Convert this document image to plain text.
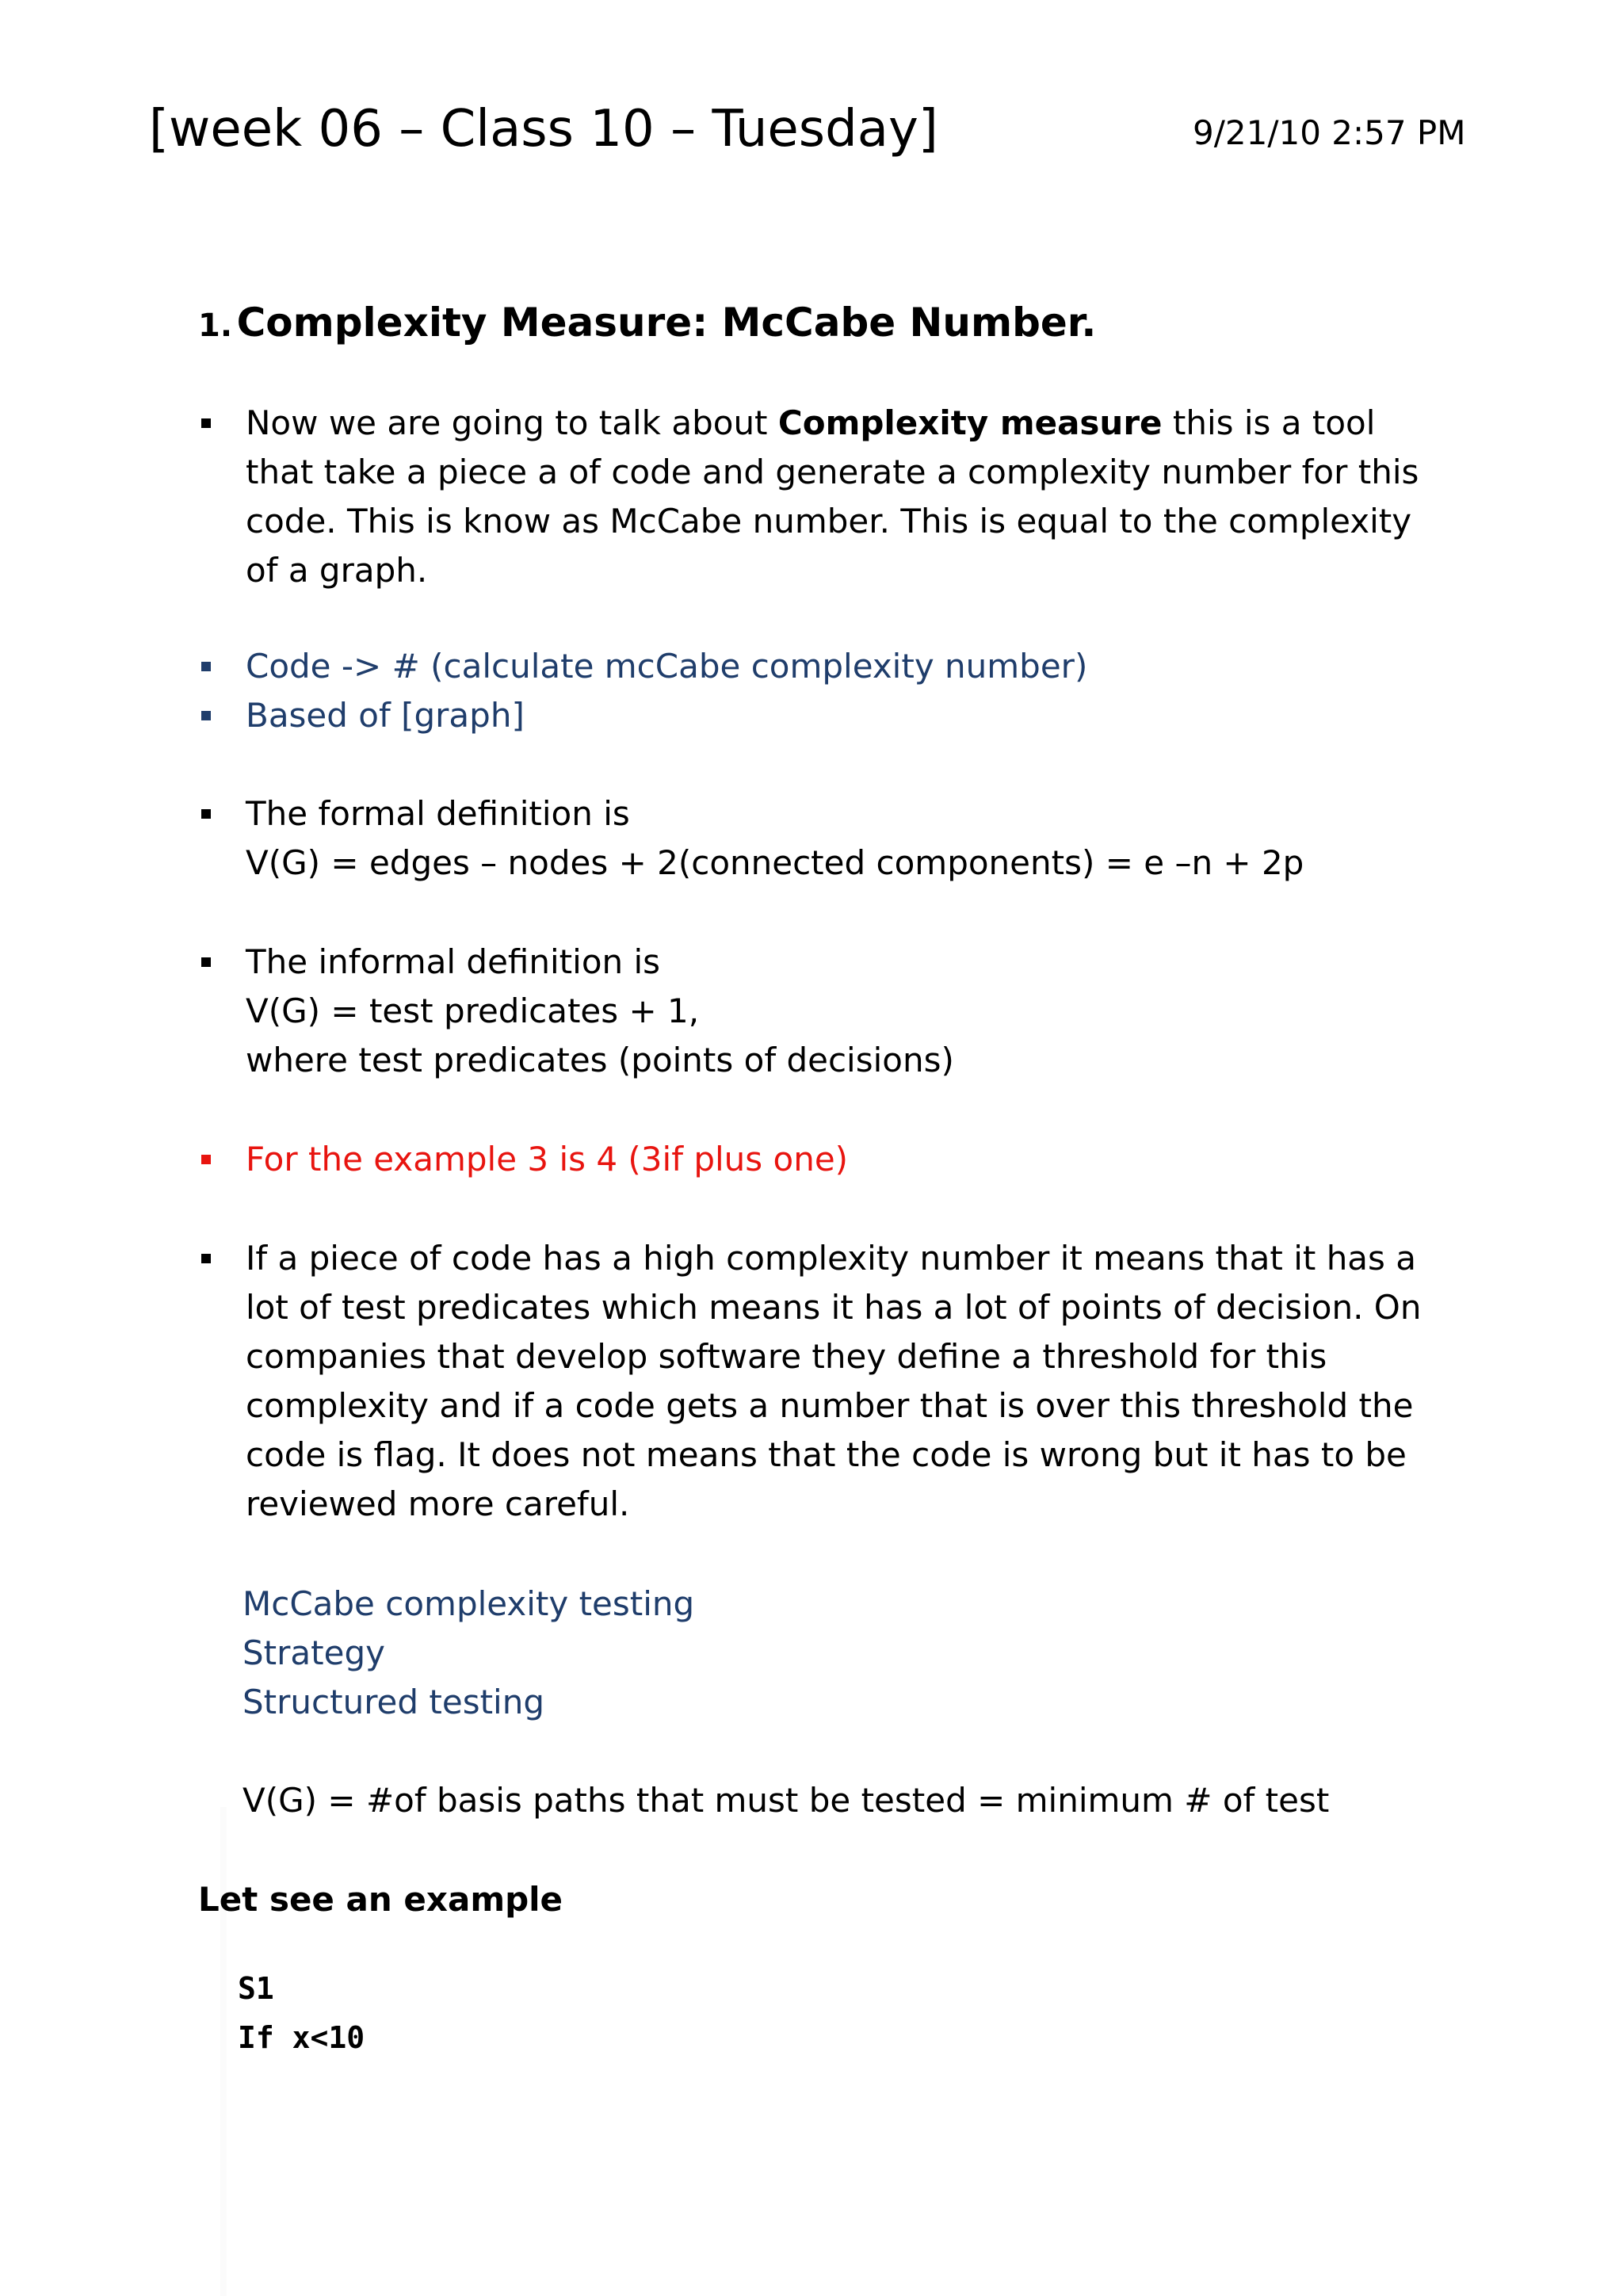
[week 06 – Class 10 – Tuesday]	9/21/10 2:57 PM
1. Complexity Measure: McCabe Number.
Now we are going to talk about Complexity measure this is a tool that take a piece a of code and generate a complexity number for this code. This is know as McCabe number. This is equal to the complexity of a graph.
Code -> # (calculate mcCabe complexity number)
Based of [graph]
The formal definition is
V(G) = edges – nodes + 2(connected components) = e –n + 2p
The informal definition is
V(G) = test predicates + 1,
where test predicates (points of decisions)
For the example 3 is 4 (3if plus one)
If a piece of code has a high complexity number it means that it has a lot of test predicates which means it has a lot of points of decision. On companies that develop software they define a threshold for this complexity and if a code gets a number that is over this threshold the code is flag. It does not means that the code is wrong but it has to be reviewed more careful.
McCabe complexity testing
Strategy
Structured testing
V(G) = #of basis paths that must be tested = minimum # of test
Let see an example
S1
If x<10
